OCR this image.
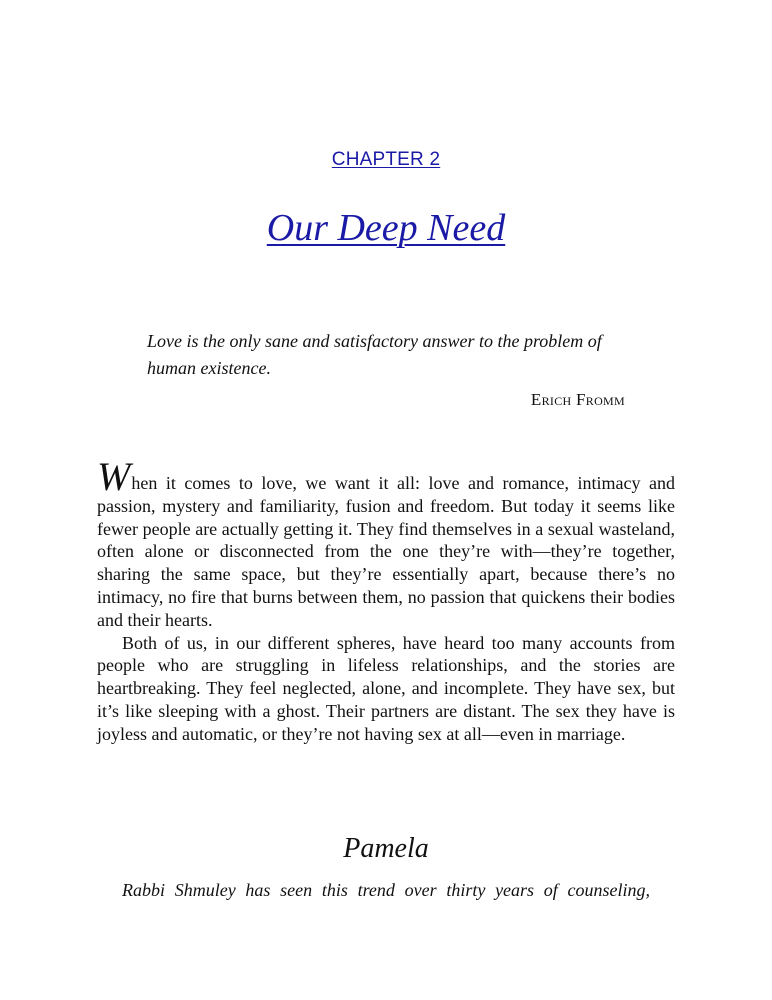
CHAPTER 2
Our Deep Need
Love is the only sane and satisfactory answer to the problem of human existence.
Erich Fromm

When it comes to love, we want it all: love and romance, intimacy and passion, mystery and familiarity, fusion and freedom. But today it seems like fewer people are actually getting it. They find themselves in a sexual wasteland, often alone or disconnected from the one they’re with—they’re together, sharing the same space, but they’re essentially apart, because there’s no intimacy, no fire that burns between them, no passion that quickens their bodies and their hearts.

Both of us, in our different spheres, have heard too many accounts from people who are struggling in lifeless relationships, and the stories are heartbreaking. They feel neglected, alone, and incomplete. They have sex, but it’s like sleeping with a ghost. Their partners are distant. The sex they have is joyless and automatic, or they’re not having sex at all—even in marriage.

Pamela
Rabbi Shmuley has seen this trend over thirty years of counseling,
